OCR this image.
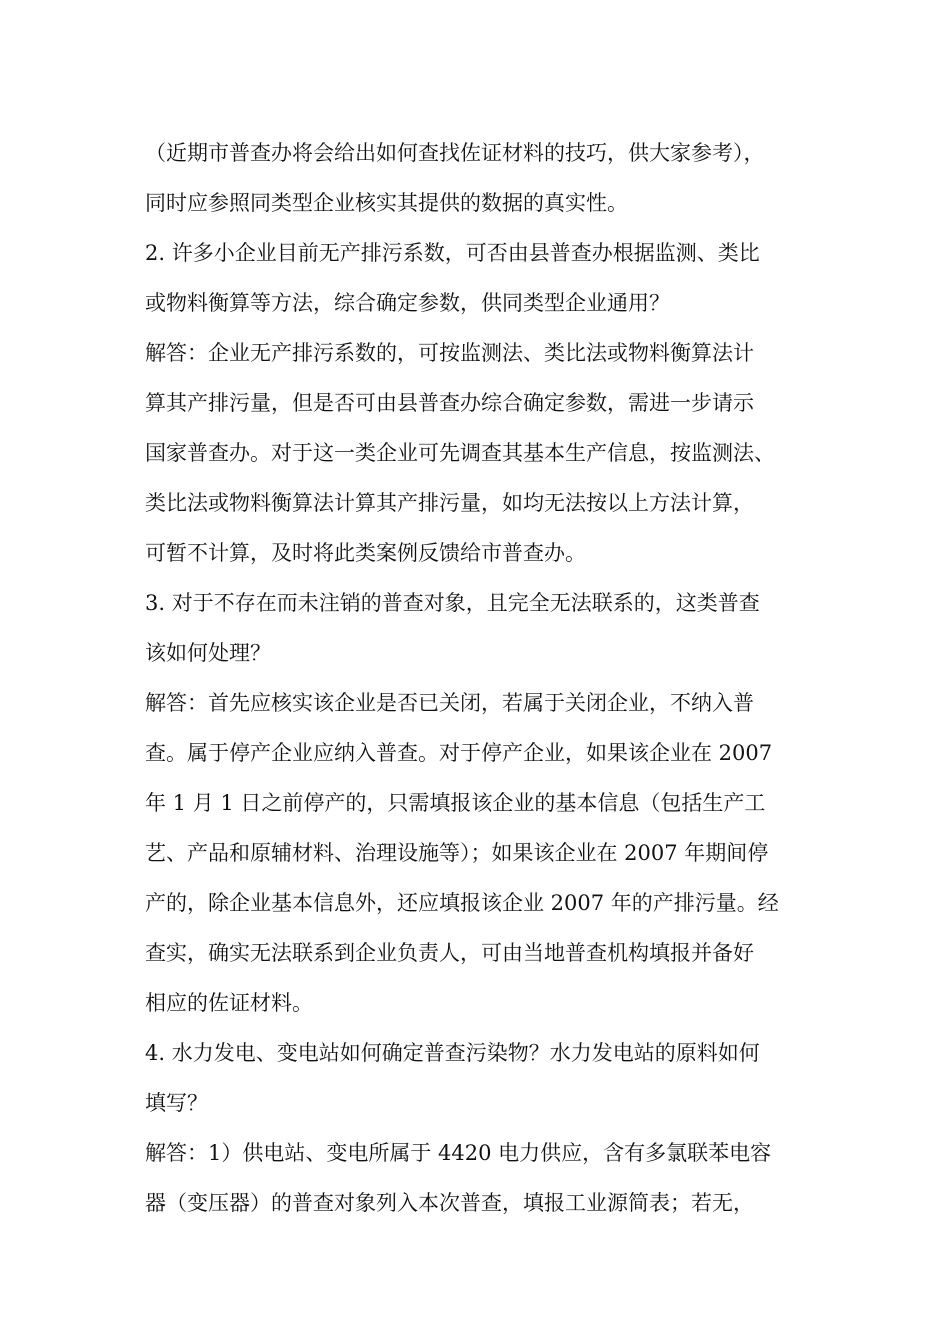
（近期市普查办将会给出如何查找佐证材料的技巧，供大家参考），
同时应参照同类型企业核实其提供的数据的真实性。
2. 许多小企业目前无产排污系数，可否由县普查办根据监测、类比
或物料衡算等方法，综合确定参数，供同类型企业通用？
解答：企业无产排污系数的，可按监测法、类比法或物料衡算法计
算其产排污量，但是否可由县普查办综合确定参数，需进一步请示
国家普查办。对于这一类企业可先调查其基本生产信息，按监测法、
类比法或物料衡算法计算其产排污量，如均无法按以上方法计算，
可暂不计算，及时将此类案例反馈给市普查办。
3. 对于不存在而未注销的普查对象，且完全无法联系的，这类普查
该如何处理？
解答：首先应核实该企业是否已关闭，若属于关闭企业，不纳入普
查。属于停产企业应纳入普查。对于停产企业，如果该企业在 2007
年 1 月 1 日之前停产的，只需填报该企业的基本信息（包括生产工
艺、产品和原辅材料、治理设施等）；如果该企业在 2007 年期间停
产的，除企业基本信息外，还应填报该企业 2007 年的产排污量。经
查实，确实无法联系到企业负责人，可由当地普查机构填报并备好
相应的佐证材料。
4. 水力发电、变电站如何确定普查污染物？水力发电站的原料如何
填写？
解答：1）供电站、变电所属于 4420 电力供应，含有多氯联苯电容
器（变压器）的普查对象列入本次普查，填报工业源简表；若无，
